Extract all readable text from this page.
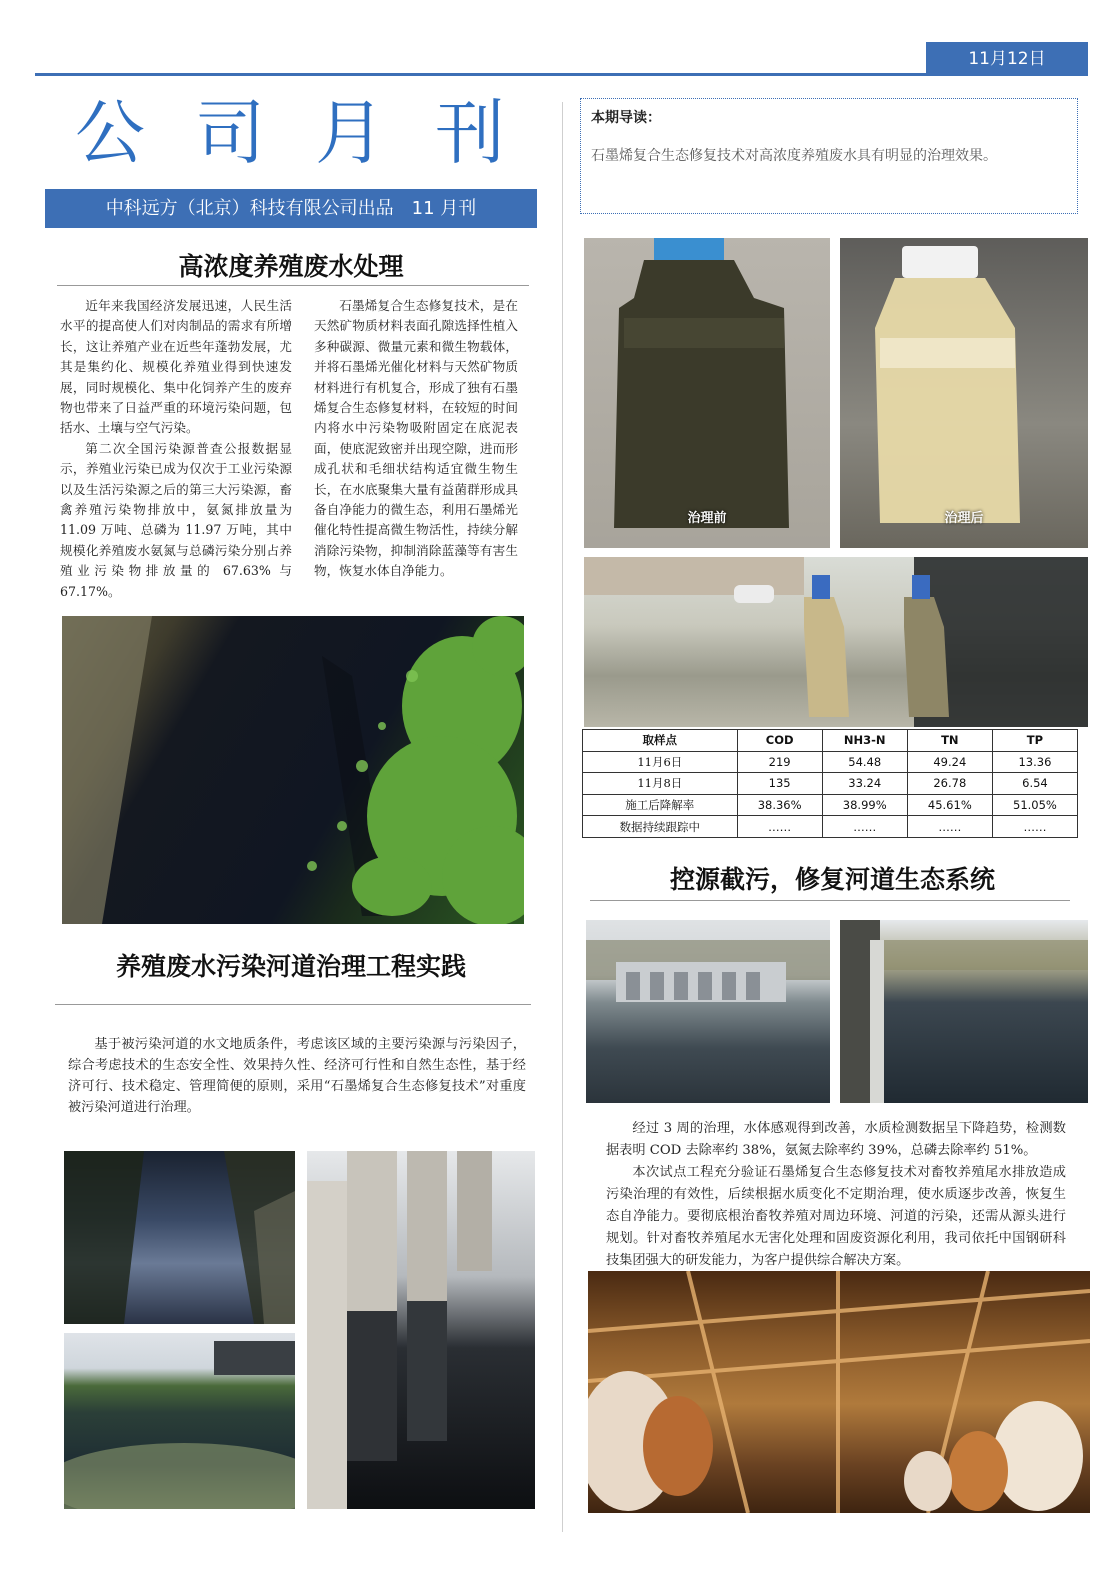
11月12日
公 司 月 刊
中科远方（北京）科技有限公司出品　11 月刊
本期导读：
石墨烯复合生态修复技术对高浓度养殖废水具有明显的治理效果。
高浓度养殖废水处理

近年来我国经济发展迅速，人民生活水平的提高使人们对肉制品的需求有所增长，这让养殖产业在近些年蓬勃发展，尤其是集约化、规模化养殖业得到快速发展，同时规模化、集中化饲养产生的废弃物也带来了日益严重的环境污染问题，包括水、土壤与空气污染。

第二次全国污染源普查公报数据显示，养殖业污染已成为仅次于工业污染源以及生活污染源之后的第三大污染源，畜禽养殖污染物排放中，氨氮排放量为 11.09 万吨、总磷为 11.97 万吨，其中规模化养殖废水氨氮与总磷污染分别占养殖业污染物排放量的 67.63% 与 67.17%。

石墨烯复合生态修复技术，是在天然矿物质材料表面孔隙选择性植入多种碳源、微量元素和微生物载体，并将石墨烯光催化材料与天然矿物质材料进行有机复合，形成了独有石墨烯复合生态修复材料，在较短的时间内将水中污染物吸附固定在底泥表面，使底泥致密并出现空隙，进而形成孔状和毛细状结构适宜微生物生长，在水底聚集大量有益菌群形成具备自净能力的微生态，利用石墨烯光催化特性提高微生物活性，持续分解消除污染物，抑制消除蓝藻等有害生物，恢复水体自净能力。

养殖废水污染河道治理工程实践

基于被污染河道的水文地质条件，考虑该区域的主要污染源与污染因子，综合考虑技术的生态安全性、效果持久性、经济可行性和自然生态性，基于经济可行、技术稳定、管理简便的原则，采用“石墨烯复合生态修复技术”对重度被污染河道进行治理。

治理前	治理后
取样点	COD	NH3-N	TN	TP
11月6日	219	54.48	49.24	13.36
11月8日	135	33.24	26.78	6.54
施工后降解率	38.36%	38.99%	45.61%	51.05%
数据持续跟踪中	……	……	……	……
控源截污，修复河道生态系统

经过 3 周的治理，水体感观得到改善，水质检测数据呈下降趋势，检测数据表明 COD 去除率约 38%，氨氮去除率约 39%，总磷去除率约 51%。

本次试点工程充分验证石墨烯复合生态修复技术对畜牧养殖尾水排放造成污染治理的有效性，后续根据水质变化不定期治理，使水质逐步改善，恢复生态自净能力。要彻底根治畜牧养殖对周边环境、河道的污染，还需从源头进行规划。针对畜牧养殖尾水无害化处理和固废资源化利用，我司依托中国钢研科技集团强大的研发能力，为客户提供综合解决方案。
